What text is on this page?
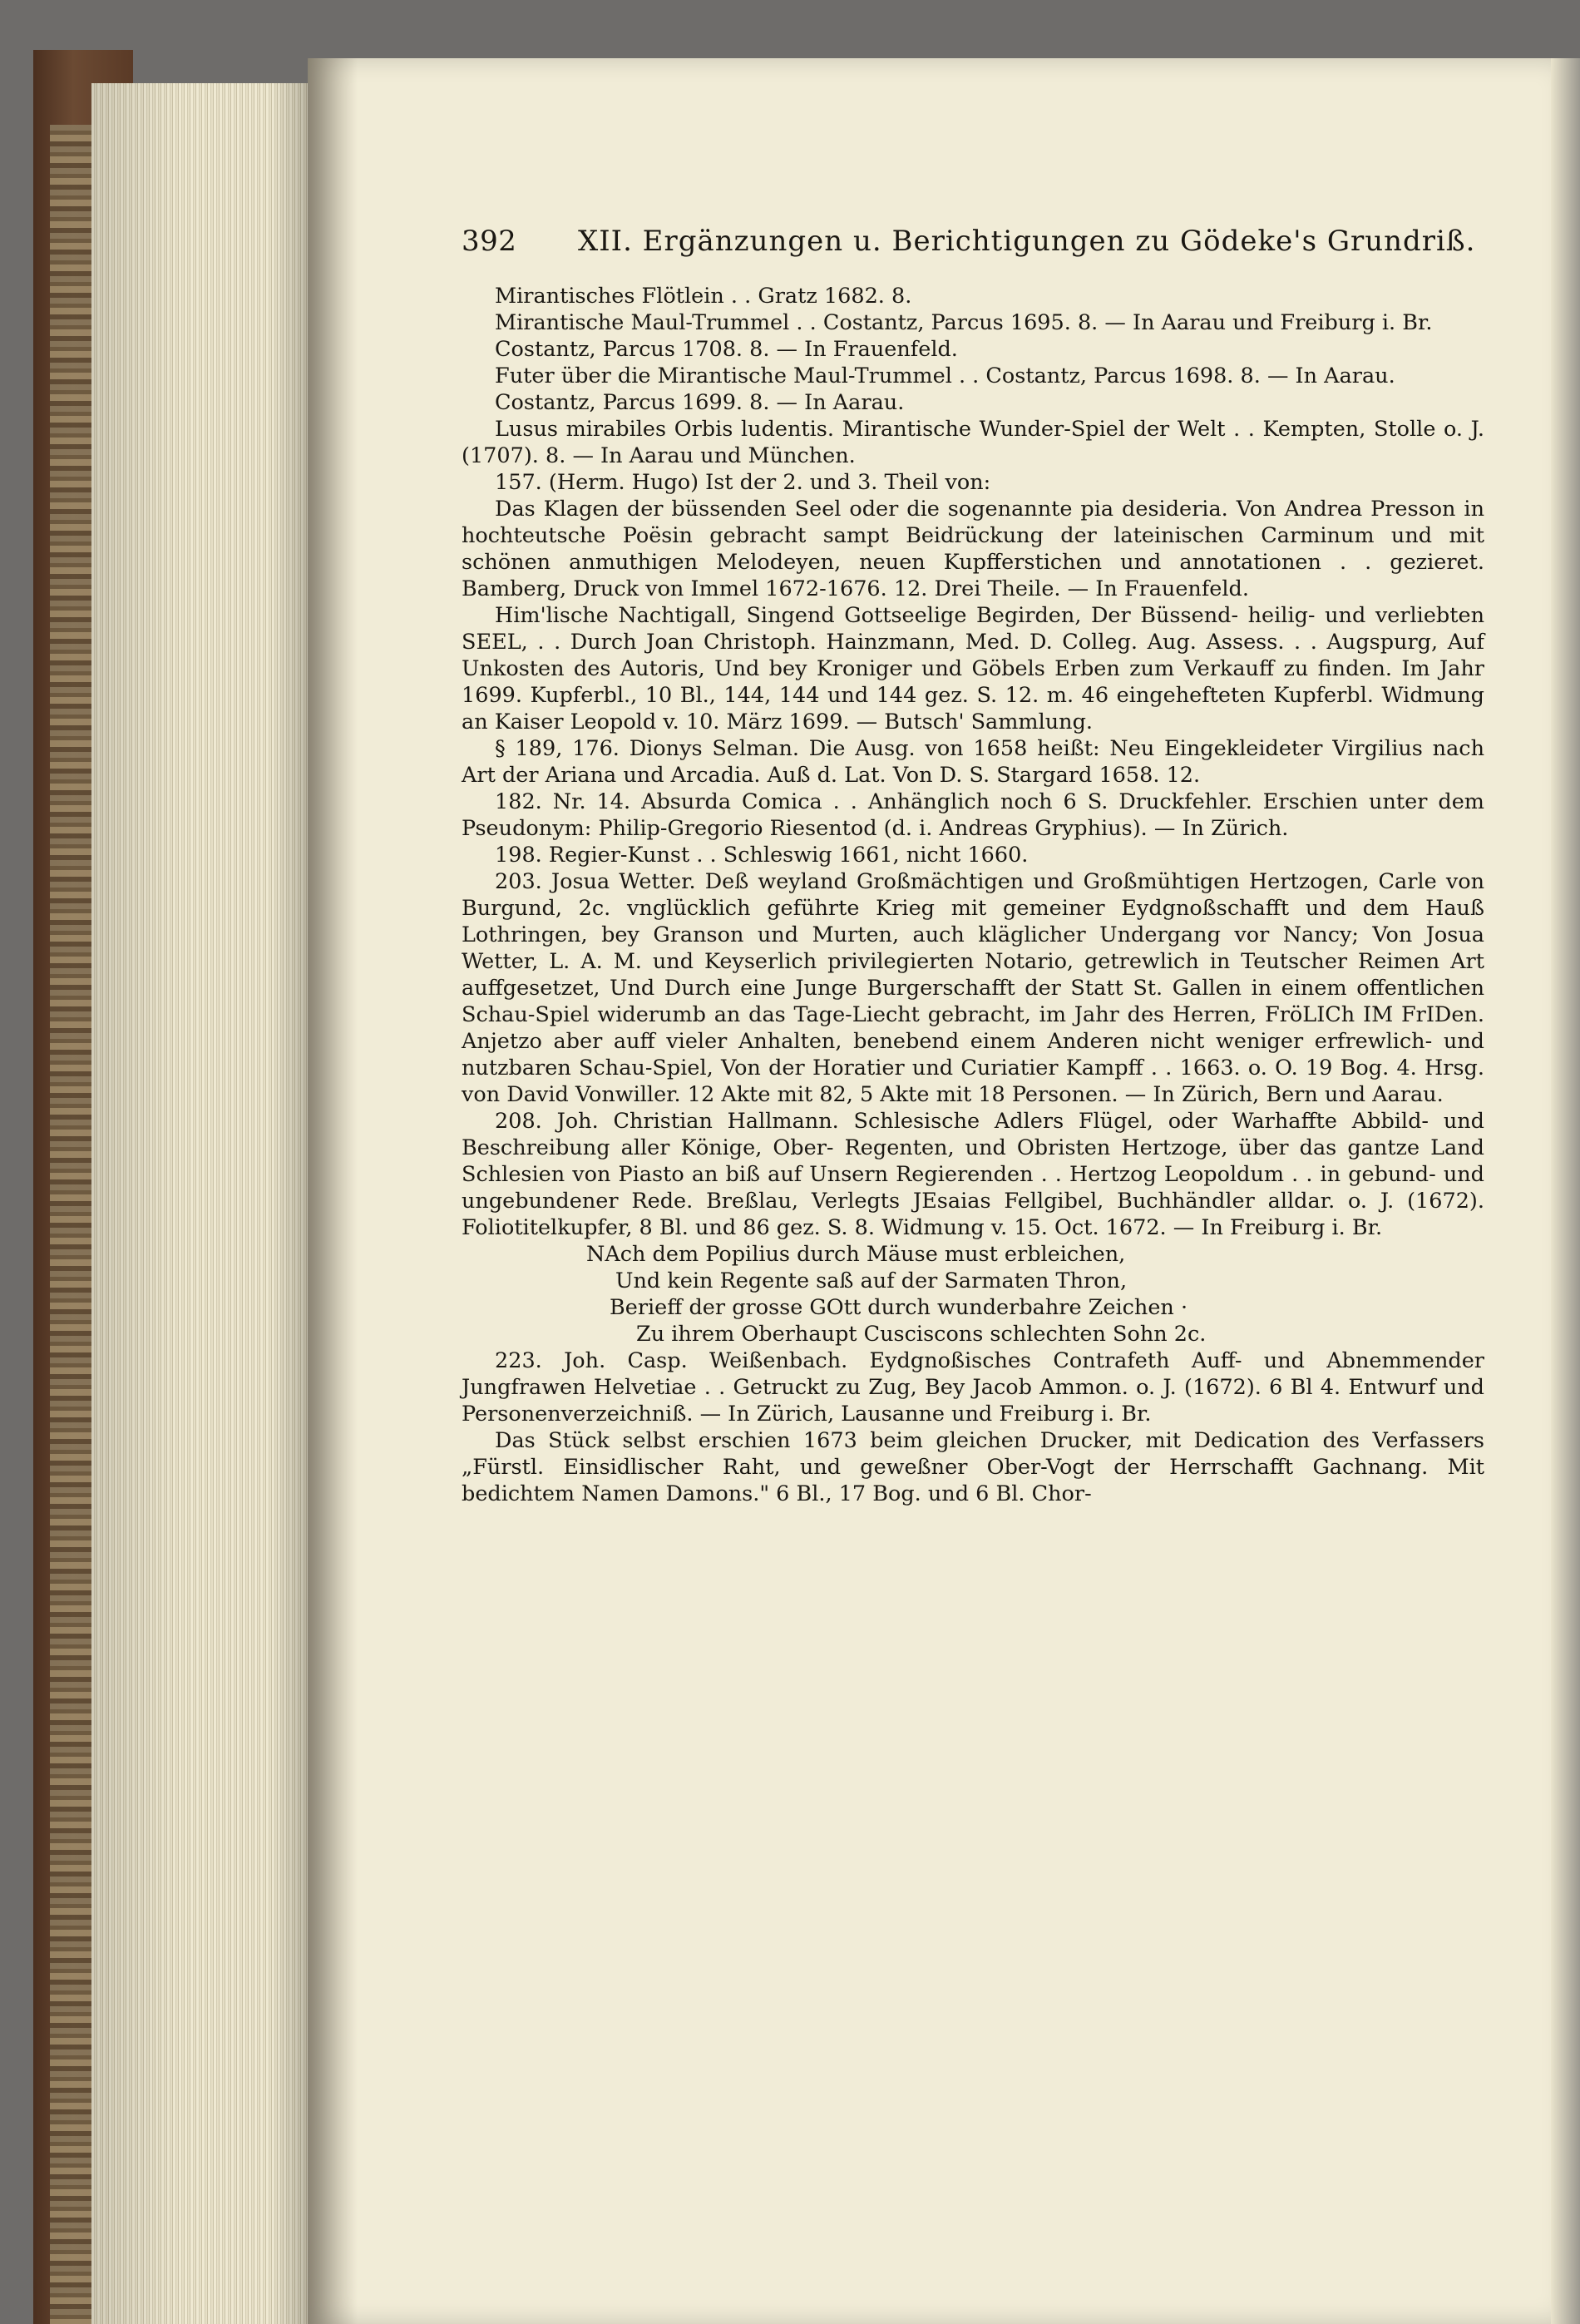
392	XII. Ergänzungen u. Berichtigungen zu Gödeke's Grundriß.

Mirantisches Flötlein . . Gratz 1682. 8.

Mirantische Maul-Trummel . . Costantz, Parcus 1695. 8. — In Aarau und Freiburg i. Br.

Costantz, Parcus 1708. 8. — In Frauenfeld.

Futer über die Mirantische Maul-Trummel . . Costantz, Parcus 1698. 8. — In Aarau.

Costantz, Parcus 1699. 8. — In Aarau.

Lusus mirabiles Orbis ludentis. Mirantische Wunder-Spiel der Welt . . Kempten, Stolle o. J. (1707). 8. — In Aarau und München.

157. (Herm. Hugo) Ist der 2. und 3. Theil von:

Das Klagen der büssenden Seel oder die sogenannte pia desideria. Von Andrea Presson in hochteutsche Poësin gebracht sampt Beidrückung der lateinischen Carminum und mit schönen anmuthigen Melodeyen, neuen Kupfferstichen und annotationen . . gezieret. Bamberg, Druck von Immel 1672-1676. 12. Drei Theile. — In Frauenfeld.

Him'lische Nachtigall, Singend Gottseelige Begirden, Der Büssend- heilig- und verliebten SEEL, . . Durch Joan Christoph. Hainzmann, Med. D. Colleg. Aug. Assess. . . Augspurg, Auf Unkosten des Autoris, Und bey Kroniger und Göbels Erben zum Verkauff zu finden. Im Jahr 1699. Kupferbl., 10 Bl., 144, 144 und 144 gez. S. 12. m. 46 eingehefteten Kupferbl. Widmung an Kaiser Leopold v. 10. März 1699. — Butsch' Sammlung.

§ 189, 176. Dionys Selman. Die Ausg. von 1658 heißt: Neu Eingekleideter Virgilius nach Art der Ariana und Arcadia. Auß d. Lat. Von D. S. Stargard 1658. 12.

182. Nr. 14. Absurda Comica . . Anhänglich noch 6 S. Druckfehler. Erschien unter dem Pseudonym: Philip-Gregorio Riesentod (d. i. Andreas Gryphius). — In Zürich.

198. Regier-Kunst . . Schleswig 1661, nicht 1660.

203. Josua Wetter. Deß weyland Großmächtigen und Großmühtigen Hertzogen, Carle von Burgund, 2c. vnglücklich geführte Krieg mit gemeiner Eydgnoßschafft und dem Hauß Lothringen, bey Granson und Murten, auch kläglicher Undergang vor Nancy; Von Josua Wetter, L. A. M. und Keyserlich privilegierten Notario, getrewlich in Teutscher Reimen Art auffgesetzet, Und Durch eine Junge Burgerschafft der Statt St. Gallen in einem offentlichen Schau-Spiel widerumb an das Tage-Liecht gebracht, im Jahr des Herren, FröLICh IM FrIDen. Anjetzo aber auff vieler Anhalten, benebend einem Anderen nicht weniger erfrewlich- und nutzbaren Schau-Spiel, Von der Horatier und Curiatier Kampff . . 1663. o. O. 19 Bog. 4. Hrsg. von David Vonwiller. 12 Akte mit 82, 5 Akte mit 18 Personen. — In Zürich, Bern und Aarau.

208. Joh. Christian Hallmann. Schlesische Adlers Flügel, oder Warhaffte Abbild- und Beschreibung aller Könige, Ober- Regenten, und Obristen Hertzoge, über das gantze Land Schlesien von Piasto an biß auf Unsern Regierenden . . Hertzog Leopoldum . . in gebund- und ungebundener Rede. Breßlau, Verlegts JEsaias Fellgibel, Buchhändler alldar. o. J. (1672). Foliotitelkupfer, 8 Bl. und 86 gez. S. 8. Widmung v. 15. Oct. 1672. — In Freiburg i. Br.

NAch dem Popilius durch Mäuse must erbleichen,
Und kein Regente saß auf der Sarmaten Thron,
Berieff der grosse GOtt durch wunderbahre Zeichen ·
Zu ihrem Oberhaupt Cusciscons schlechten Sohn 2c.

223. Joh. Casp. Weißenbach. Eydgnoßisches Contrafeth Auff- und Abnemmender Jungfrawen Helvetiae . . Getruckt zu Zug, Bey Jacob Ammon. o. J. (1672). 6 Bl 4. Entwurf und Personenverzeichniß. — In Zürich, Lausanne und Freiburg i. Br.

Das Stück selbst erschien 1673 beim gleichen Drucker, mit Dedication des Verfassers „Fürstl. Einsidlischer Raht, und geweßner Ober-Vogt der Herrschafft Gachnang. Mit bedichtem Namen Damons." 6 Bl., 17 Bog. und 6 Bl. Chor-
